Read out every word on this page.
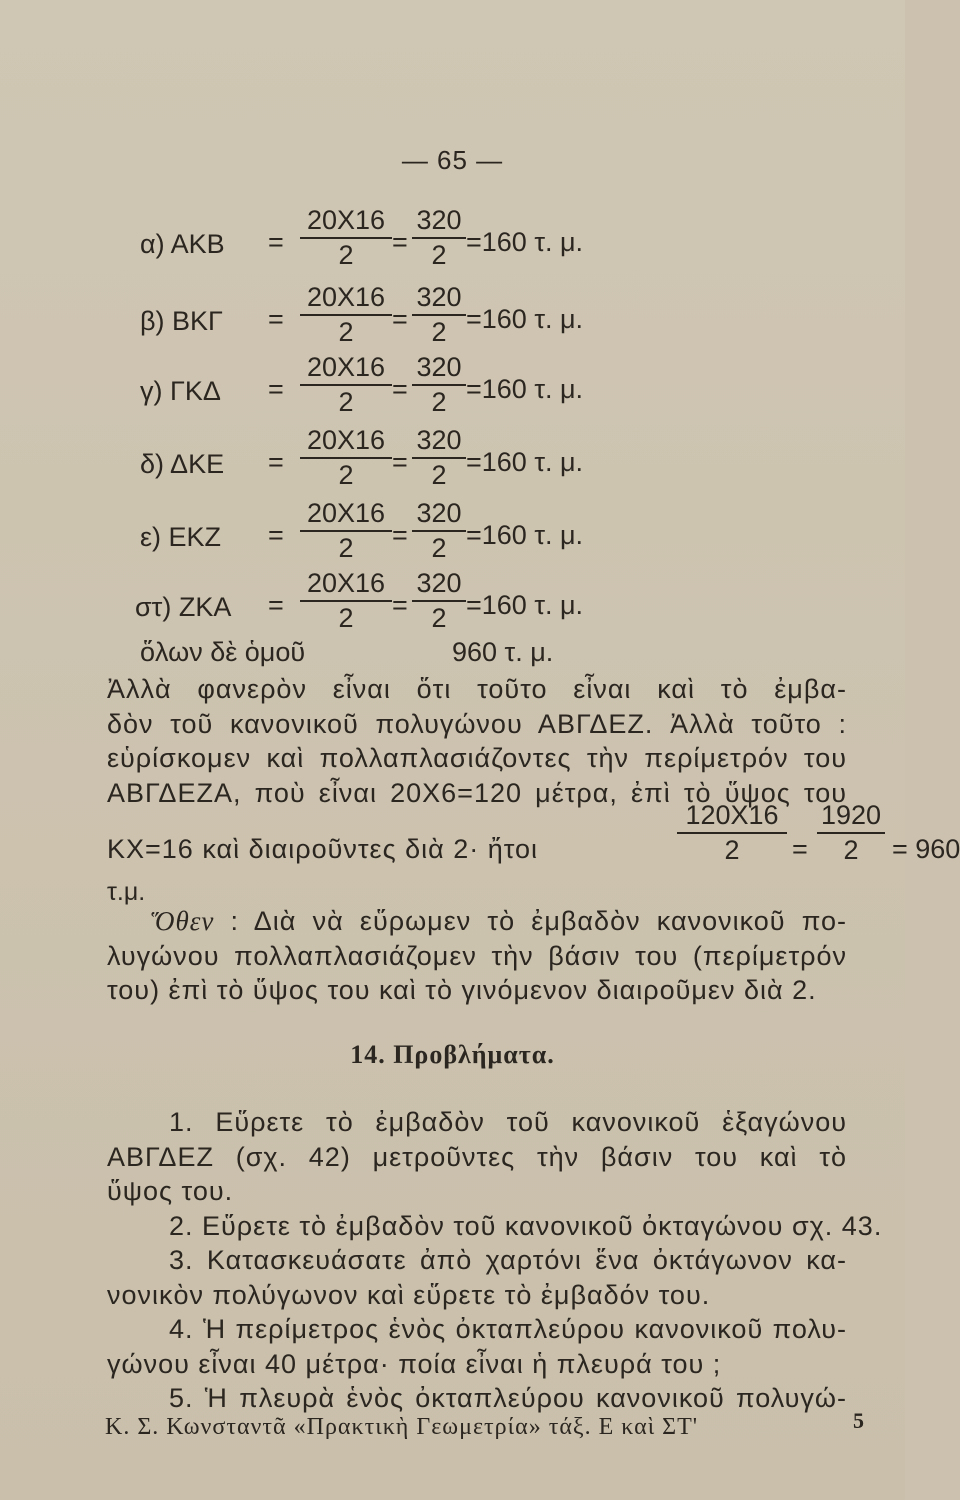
— 65 —
α) ΑΚΒ =
20X16
2	=
320
2 =160 τ. μ.
β) ΒΚΓ =
20X16
2	=
320
2 =160 τ. μ.
γ) ΓΚΔ =
20X16
2	=
320
2 =160 τ. μ.
δ) ΔΚΕ =
20X16
2	=
320
2 =160 τ. μ.
ε) ΕΚΖ =
20X16
2	=
320
2 =160 τ. μ.
στ) ΖΚΑ =
20X16
2	=
320
2 =160 τ. μ.
ὅλων δὲ ὁμοῦ	960 τ. μ.
Ἀλλὰ φανερὸν εἶναι ὅτι τοῦτο εἶναι καὶ τὸ ἐμβα-
δὸν τοῦ κανονικοῦ πολυγώνου ΑΒΓΔΕΖ. Ἀλλὰ τοῦτο :
εὑρίσκομεν καὶ πολλαπλασιάζοντες τὴν περίμετρόν του
ΑΒΓΔΕΖΑ, ποὺ εἶναι 20Χ6=120 μέτρα, ἐπὶ τὸ ὕψος του
ΚΧ=16 καὶ διαιροῦντες διὰ 2· ἤτοι
120X16
2	=
1920
2	= 960
τ.μ.
Ὅθεν : Διὰ νὰ εὕρωμεν τὸ ἐμβαδὸν κανονικοῦ πο-
λυγώνου πολλαπλασιάζομεν τὴν βάσιν του (περίμετρόν
του) ἐπὶ τὸ ὕψος του καὶ τὸ γινόμενον διαιροῦμεν διὰ 2.
14. Προβλήματα.
1. Εὕρετε τὸ ἐμβαδὸν τοῦ κανονικοῦ ἑξαγώνου
ΑΒΓΔΕΖ (σχ. 42) μετροῦντες τὴν βάσιν του καὶ τὸ
ὕψος του.
2. Εὕρετε τὸ ἐμβαδὸν τοῦ κανονικοῦ ὀκταγώνου σχ. 43.
3. Κατασκευάσατε ἀπὸ χαρτόνι ἕνα ὀκτάγωνον κα-
νονικὸν πολύγωνον καὶ εὕρετε τὸ ἐμβαδόν του.
4. Ἡ περίμετρος ἑνὸς ὀκταπλεύρου κανονικοῦ πολυ-
γώνου εἶναι 40 μέτρα· ποία εἶναι ἡ πλευρά του ;
5. Ἡ πλευρὰ ἑνὸς ὀκταπλεύρου κανονικοῦ πολυγώ-
Κ. Σ. Κωνσταντᾶ «Πρακτικὴ Γεωμετρία» τάξ. Ε καὶ ΣΤ'	5
